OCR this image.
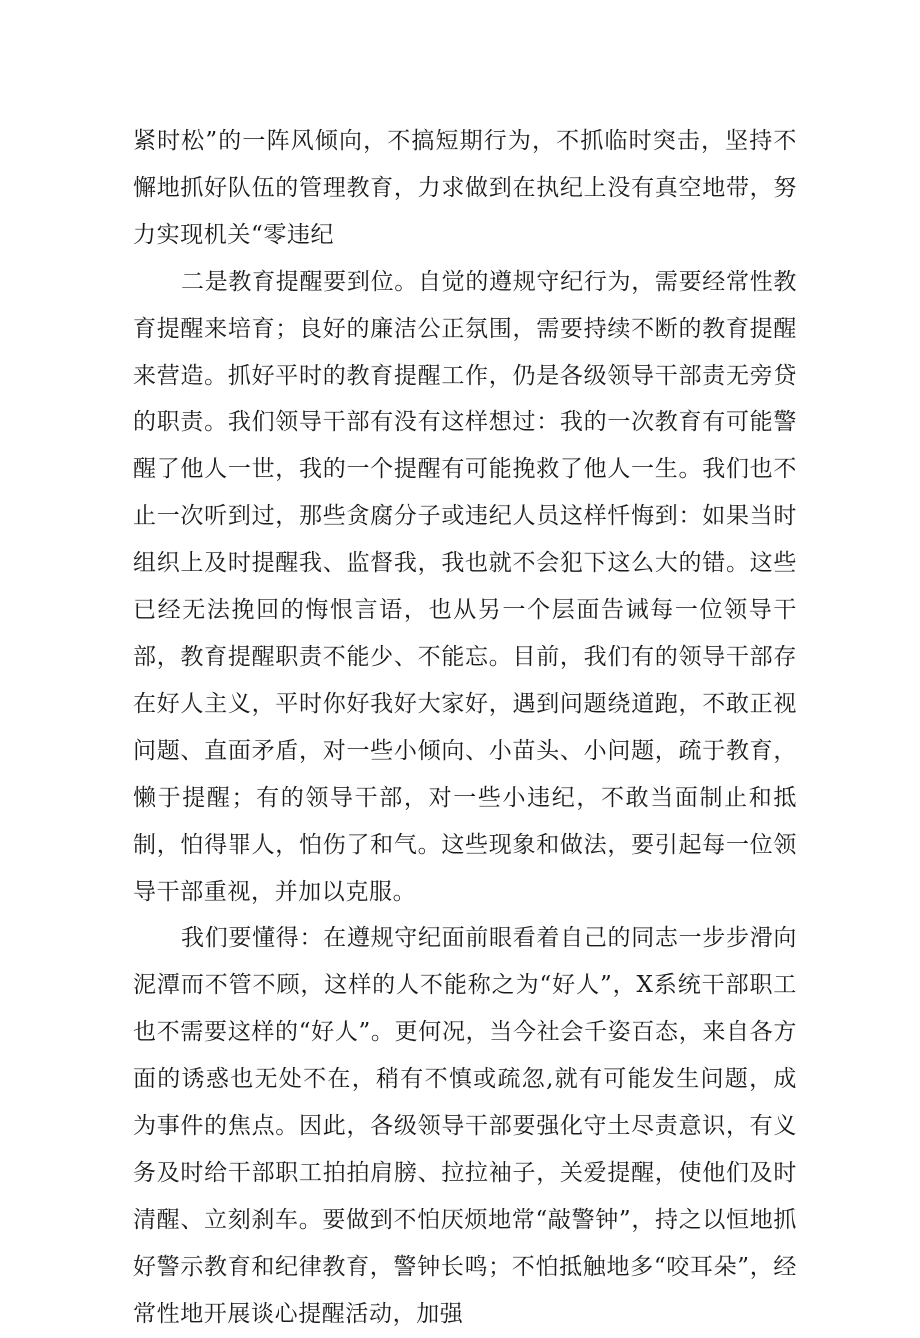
紧时松”的一阵风倾向，不搞短期行为，不抓临时突击，坚持不懈地抓好队伍的管理教育，力求做到在执纪上没有真空地带，努力实现机关“零违纪

二是教育提醒要到位。自觉的遵规守纪行为，需要经常性教育提醒来培育；良好的廉洁公正氛围，需要持续不断的教育提醒来营造。抓好平时的教育提醒工作，仍是各级领导干部责无旁贷的职责。我们领导干部有没有这样想过：我的一次教育有可能警醒了他人一世，我的一个提醒有可能挽救了他人一生。我们也不止一次听到过，那些贪腐分子或违纪人员这样忏悔到：如果当时组织上及时提醒我、监督我，我也就不会犯下这么大的错。这些已经无法挽回的悔恨言语，也从另一个层面告诫每一位领导干部，教育提醒职责不能少、不能忘。目前，我们有的领导干部存在好人主义，平时你好我好大家好，遇到问题绕道跑，不敢正视问题、直面矛盾，对一些小倾向、小苗头、小问题，疏于教育，懒于提醒；有的领导干部，对一些小违纪，不敢当面制止和抵制，怕得罪人，怕伤了和气。这些现象和做法，要引起每一位领导干部重视，并加以克服。

我们要懂得：在遵规守纪面前眼看着自己的同志一步步滑向泥潭而不管不顾，这样的人不能称之为“好人”，X系统干部职工也不需要这样的“好人”。更何况，当今社会千姿百态，来自各方面的诱惑也无处不在，稍有不慎或疏忽,就有可能发生问题，成为事件的焦点。因此，各级领导干部要强化守土尽责意识，有义务及时给干部职工拍拍肩膀、拉拉袖子，关爱提醒，使他们及时清醒、立刻刹车。要做到不怕厌烦地常“敲警钟”，持之以恒地抓好警示教育和纪律教育，警钟长鸣；不怕抵触地多“咬耳朵”，经常性地开展谈心提醒活动，加强
